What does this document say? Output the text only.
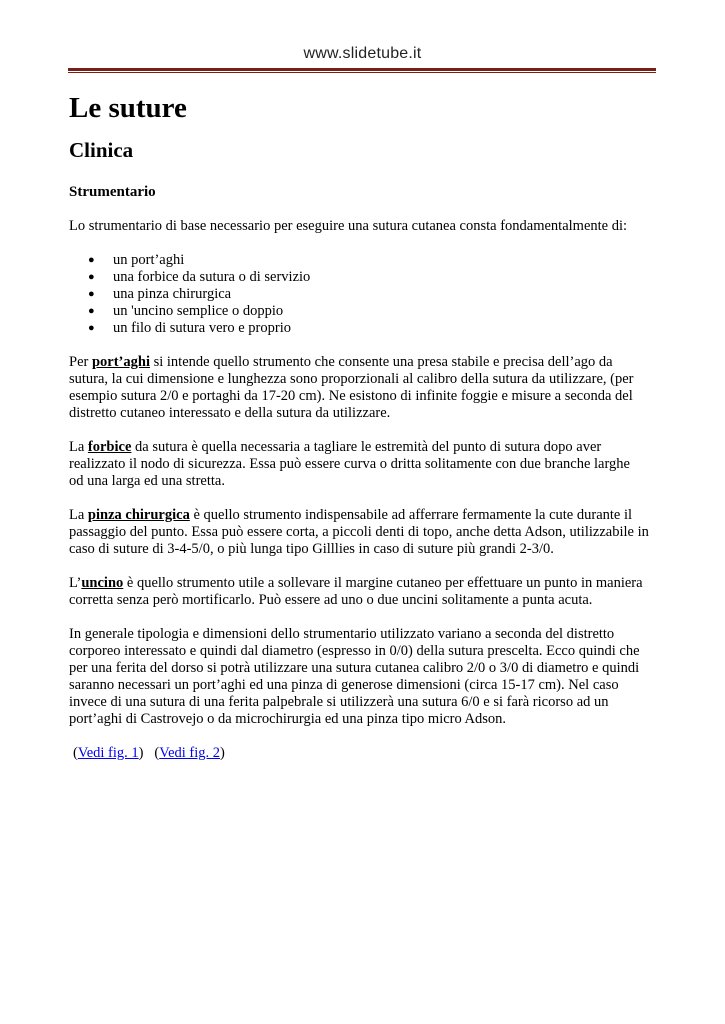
www.slidetube.it
Le suture
Clinica
Strumentario

Lo strumentario di base necessario per eseguire una sutura cutanea consta fondamentalmente di:

● un port’aghi
● una forbice da sutura o di servizio
● una pinza chirurgica
● un 'uncino semplice o doppio
● un filo di sutura vero e proprio

Per port’aghi si intende quello strumento che consente una presa stabile e precisa dell’ago da

sutura, la cui dimensione e lunghezza sono proporzionali al calibro della sutura da utilizzare, (per

esempio sutura 2/0 e portaghi da 17-20 cm). Ne esistono di infinite foggie e misure a seconda del

distretto cutaneo interessato e della sutura da utilizzare.

La forbice da sutura è quella necessaria a tagliare le estremità del punto di sutura dopo aver

realizzato il nodo di sicurezza. Essa può essere curva o dritta solitamente con due branche larghe

od una larga ed una stretta.

La pinza chirurgica è quello strumento indispensabile ad afferrare fermamente la cute durante il

passaggio del punto. Essa può essere corta, a piccoli denti di topo, anche detta Adson, utilizzabile in

caso di suture di 3-4-5/0, o più lunga tipo Gilllies in caso di suture più grandi 2-3/0.

L’uncino è quello strumento utile a sollevare il margine cutaneo per effettuare un punto in maniera

corretta senza però mortificarlo. Può essere ad uno o due uncini solitamente a punta acuta.

In generale tipologia e dimensioni dello strumentario utilizzato variano a seconda del distretto

corporeo interessato e quindi dal diametro (espresso in 0/0) della sutura prescelta. Ecco quindi che

per una ferita del dorso si potrà utilizzare una sutura cutanea calibro 2/0 o 3/0 di diametro e quindi

saranno necessari un port’aghi ed una pinza di generose dimensioni (circa 15-17 cm). Nel caso

invece di una sutura di una ferita palpebrale si utilizzerà una sutura 6/0 e si farà ricorso ad un

port’aghi di Castrovejo o da microchirurgia ed una pinza tipo micro Adson.

(Vedi fig. 1)   (Vedi fig. 2)
